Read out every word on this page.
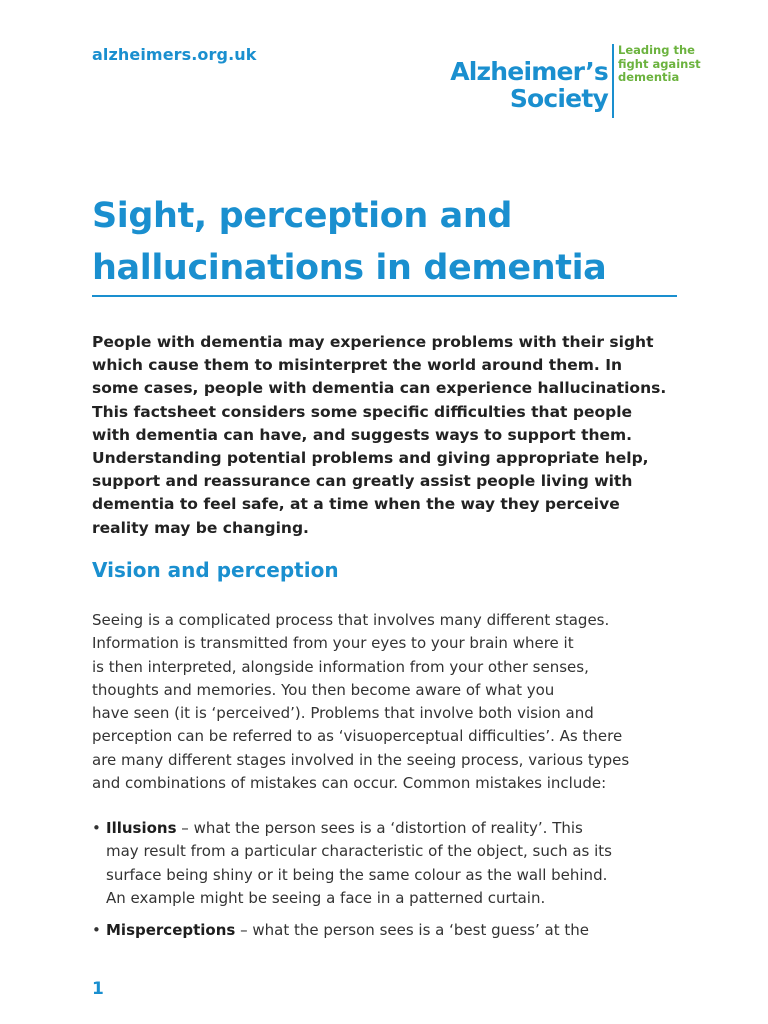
alzheimers.org.uk
Alzheimer’s
Society
Leading the
fight against
dementia
Sight, perception and
hallucinations in dementia
People with dementia may experience problems with their sight
which cause them to misinterpret the world around them. In
some cases, people with dementia can experience hallucinations.
This factsheet considers some specific difficulties that people
with dementia can have, and suggests ways to support them.
Understanding potential problems and giving appropriate help,
support and reassurance can greatly assist people living with
dementia to feel safe, at a time when the way they perceive
reality may be changing.
Vision and perception
Seeing is a complicated process that involves many different stages.
Information is transmitted from your eyes to your brain where it
is then interpreted, alongside information from your other senses,
thoughts and memories. You then become aware of what you
have seen (it is ‘perceived’). Problems that involve both vision and
perception can be referred to as ‘visuoperceptual difficulties’. As there
are many different stages involved in the seeing process, various types
and combinations of mistakes can occur. Common mistakes include:
• Illusions – what the person sees is a ‘distortion of reality’. This
may result from a particular characteristic of the object, such as its
surface being shiny or it being the same colour as the wall behind.
An example might be seeing a face in a patterned curtain.
• Misperceptions – what the person sees is a ‘best guess’ at the
1
